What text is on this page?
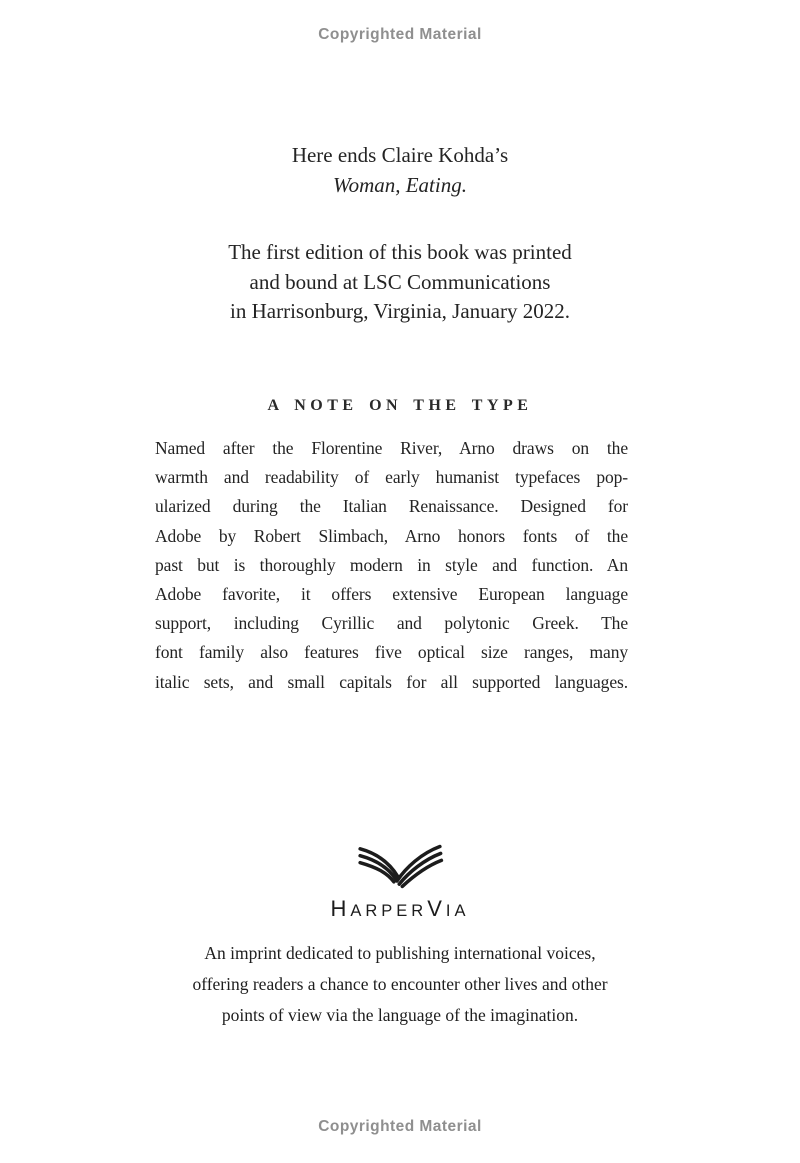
Copyrighted Material
Here ends Claire Kohda’s
Woman, Eating.
The first edition of this book was printed
and bound at LSC Communications
in Harrisonburg, Virginia, January 2022.
A NOTE ON THE TYPE
Named after the Florentine River, Arno draws on the
warmth and readability of early humanist typefaces pop-
ularized during the Italian Renaissance. Designed for
Adobe by Robert Slimbach, Arno honors fonts of the
past but is thoroughly modern in style and function. An
Adobe favorite, it offers extensive European language
support, including Cyrillic and polytonic Greek. The
font family also features five optical size ranges, many
italic sets, and small capitals for all supported languages.
HARPERVIA
An imprint dedicated to publishing international voices,
offering readers a chance to encounter other lives and other
points of view via the language of the imagination.
Copyrighted Material
